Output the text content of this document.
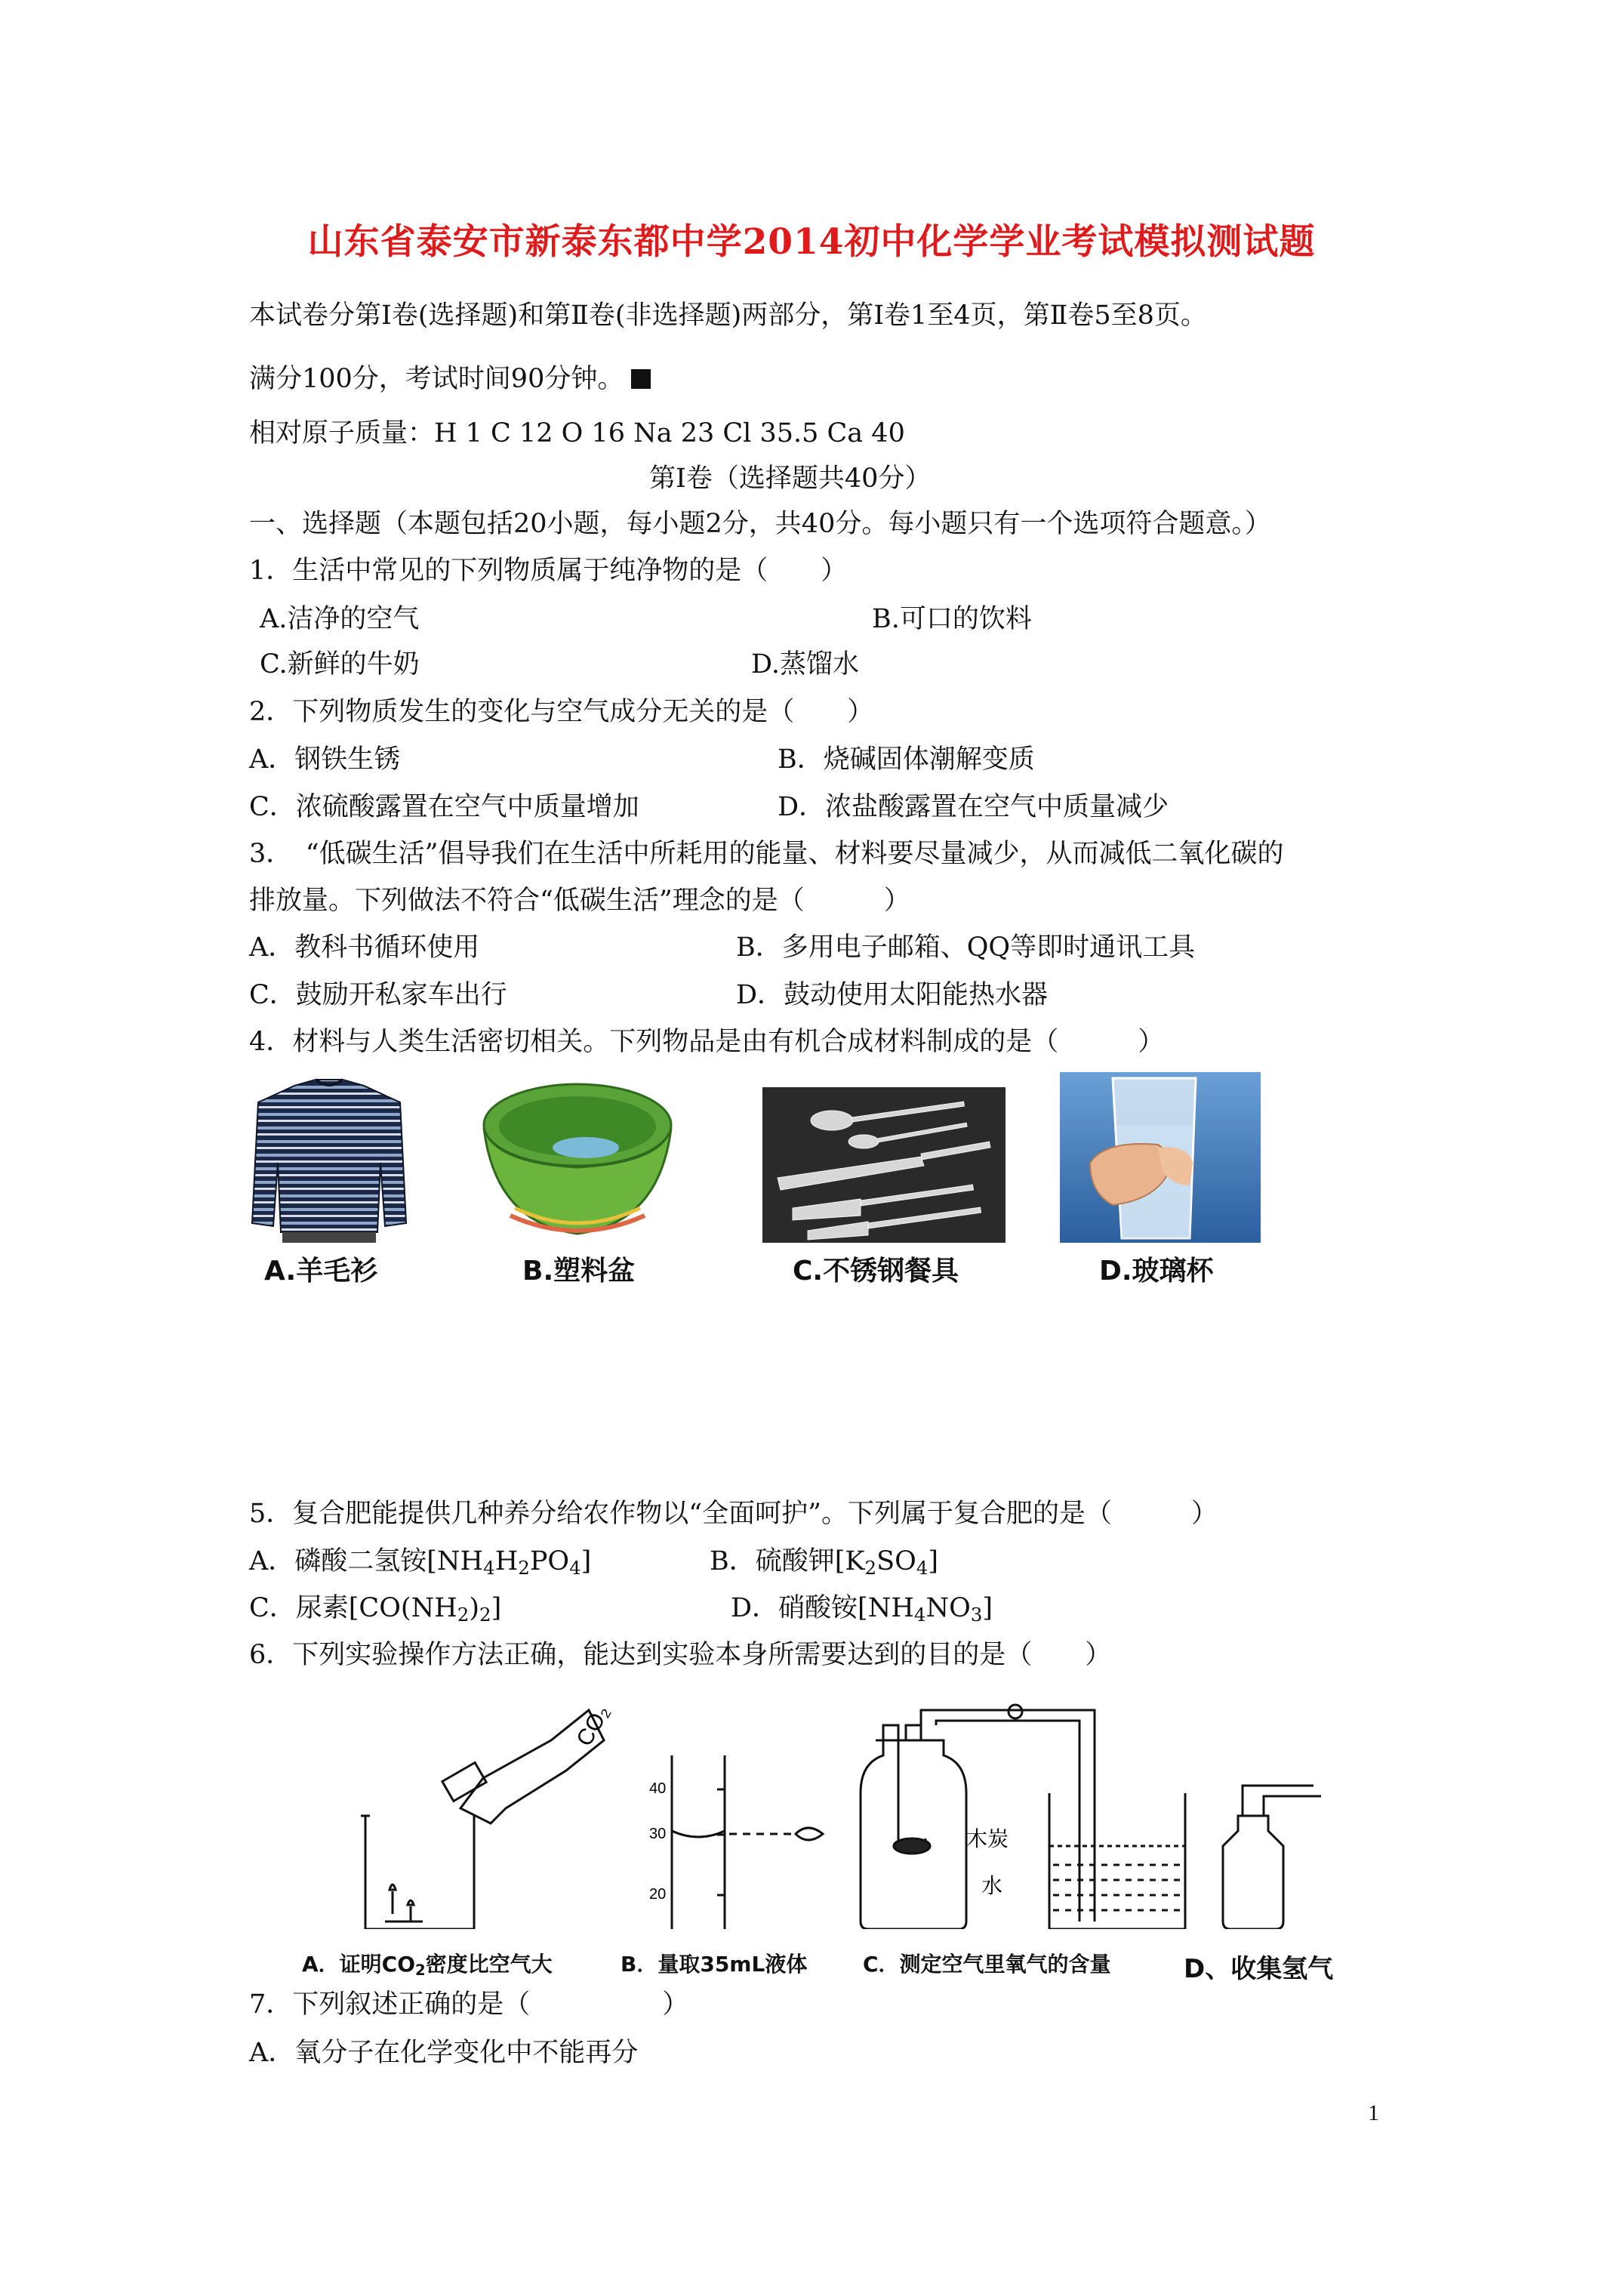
山东省泰安市新泰东都中学2014初中化学学业考试模拟测试题
本试卷分第Ⅰ卷(选择题)和第Ⅱ卷(非选择题)两部分，第Ⅰ卷1至4页，第Ⅱ卷5至8页。
满分100分，考试时间90分钟。
相对原子质量：H 1 C 12 O 16 Na 23 Cl 35.5 Ca 40
第Ⅰ卷（选择题共40分）
一、选择题（本题包括20小题，每小题2分，共40分。每小题只有一个选项符合题意。）
1．生活中常见的下列物质属于纯净物的是（　　）
A.洁净的空气	B.可口的饮料
C.新鲜的牛奶	D.蒸馏水
2．下列物质发生的变化与空气成分无关的是（　　）
A．钢铁生锈	B．烧碱固体潮解变质
C．浓硫酸露置在空气中质量增加	D．浓盐酸露置在空气中质量减少
3．　“低碳生活”倡导我们在生活中所耗用的能量、材料要尽量减少，从而减低二氧化碳的
排放量。下列做法不符合“低碳生活”理念的是（　　　）
A．教科书循环使用	B．多用电子邮箱、QQ等即时通讯工具
C．鼓励开私家车出行	D．鼓动使用太阳能热水器
4．材料与人类生活密切相关。下列物品是由有机合成材料制成的是（　　　）
A.羊毛衫	B.塑料盆	C.不锈钢餐具	D.玻璃杯
5．复合肥能提供几种养分给农作物以“全面呵护”。下列属于复合肥的是（　　　）
A．磷酸二氢铵$[NH_4H_2PO_4]$	B．硫酸钾$[K_2SO_4]$
C．尿素$[CO(NH_2)_2]$	D．硝酸铵$[NH_4NO_3]$
6．下列实验操作方法正确，能达到实验本身所需要达到的目的是（　　）
CO₂
40
30
20
木炭
水
A．证明$CO_2$密度比空气大	B．量取35mL液体	C．测定空气里氧气的含量	D、收集氢气
7．下列叙述正确的是（　　　　　）
A．氧分子在化学变化中不能再分
1
